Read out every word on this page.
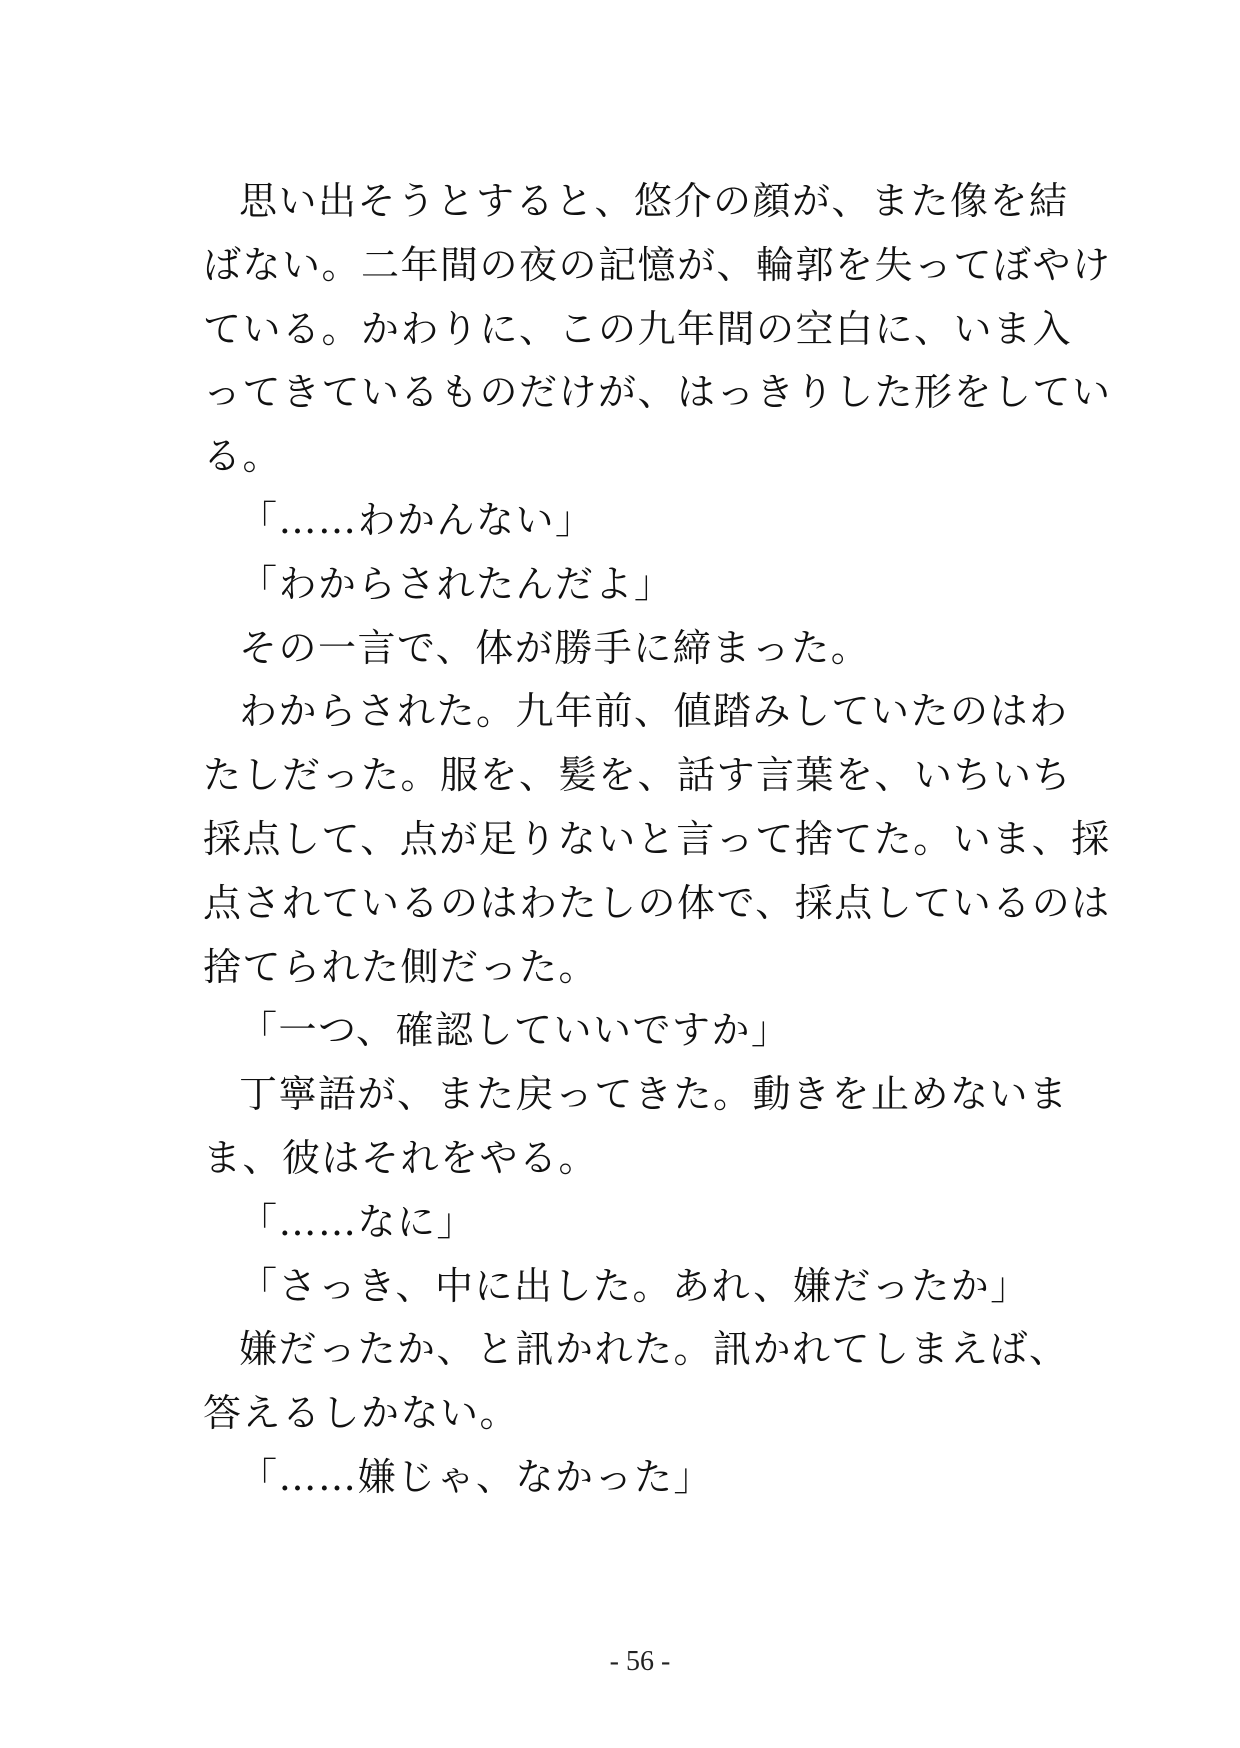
思い出そうとすると、悠介の顔が、また像を結
ばない。二年間の夜の記憶が、輪郭を失ってぼやけ
ている。かわりに、この九年間の空白に、いま入
ってきているものだけが、はっきりした形をしてい
る。
「……わかんない」
「わからされたんだよ」
その一言で、体が勝手に締まった。
わからされた。九年前、値踏みしていたのはわ
たしだった。服を、髪を、話す言葉を、いちいち
採点して、点が足りないと言って捨てた。いま、採
点されているのはわたしの体で、採点しているのは
捨てられた側だった。
「一つ、確認していいですか」
丁寧語が、また戻ってきた。動きを止めないま
ま、彼はそれをやる。
「……なに」
「さっき、中に出した。あれ、嫌だったか」
嫌だったか、と訊かれた。訊かれてしまえば、
答えるしかない。
「……嫌じゃ、なかった」
- 56 -
